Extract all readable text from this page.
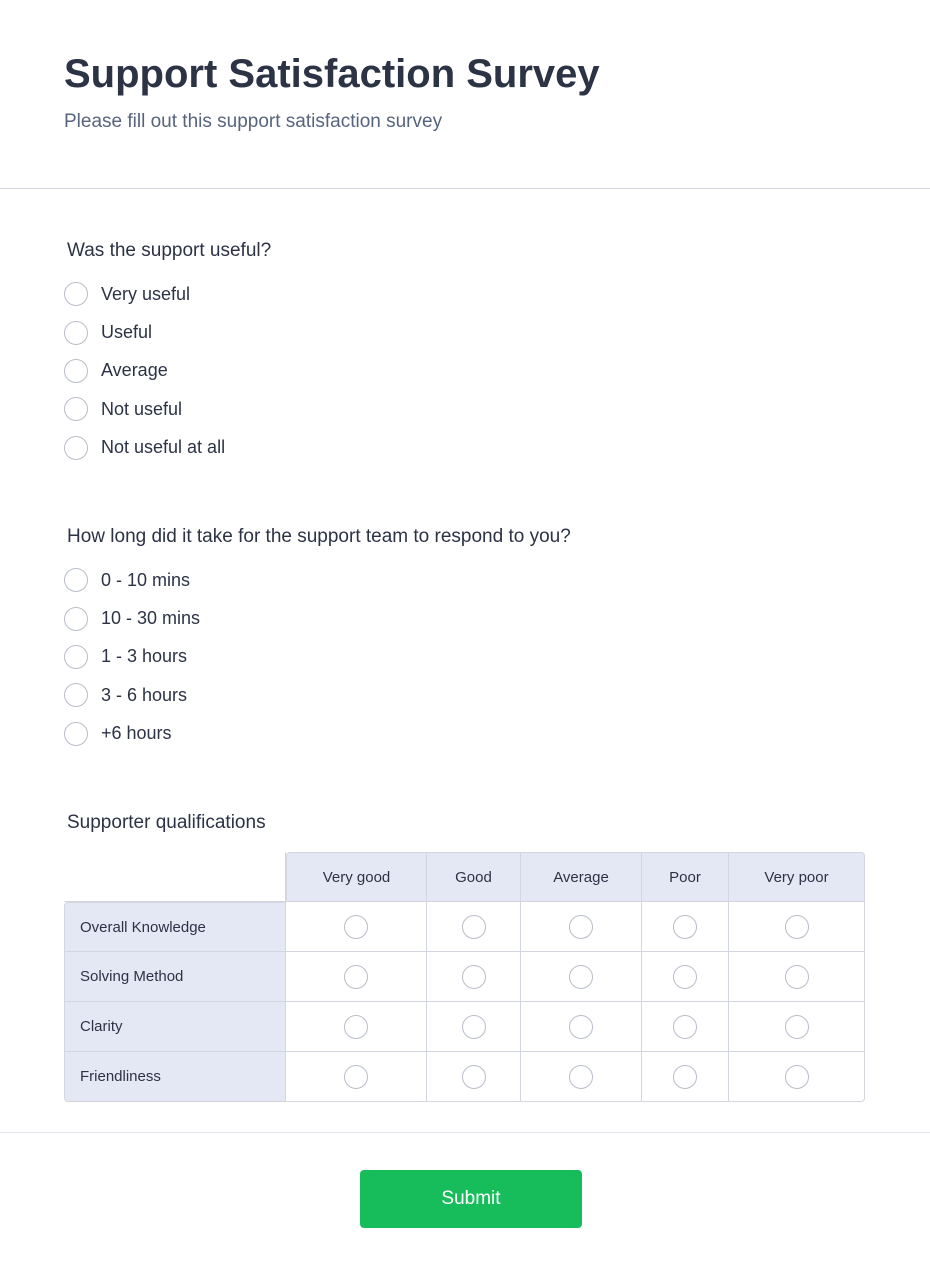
Support Satisfaction Survey
Please fill out this support satisfaction survey
Was the support useful?
Very useful
Useful
Average
Not useful
Not useful at all
How long did it take for the support team to respond to you?
0 - 10 mins
10 - 30 mins
1 - 3 hours
3 - 6 hours
+6 hours
Supporter qualifications
	Very good	Good	Average	Poor	Very poor
Overall Knowledge	

Solving Method	

Clarity	

Friendliness	

Submit
